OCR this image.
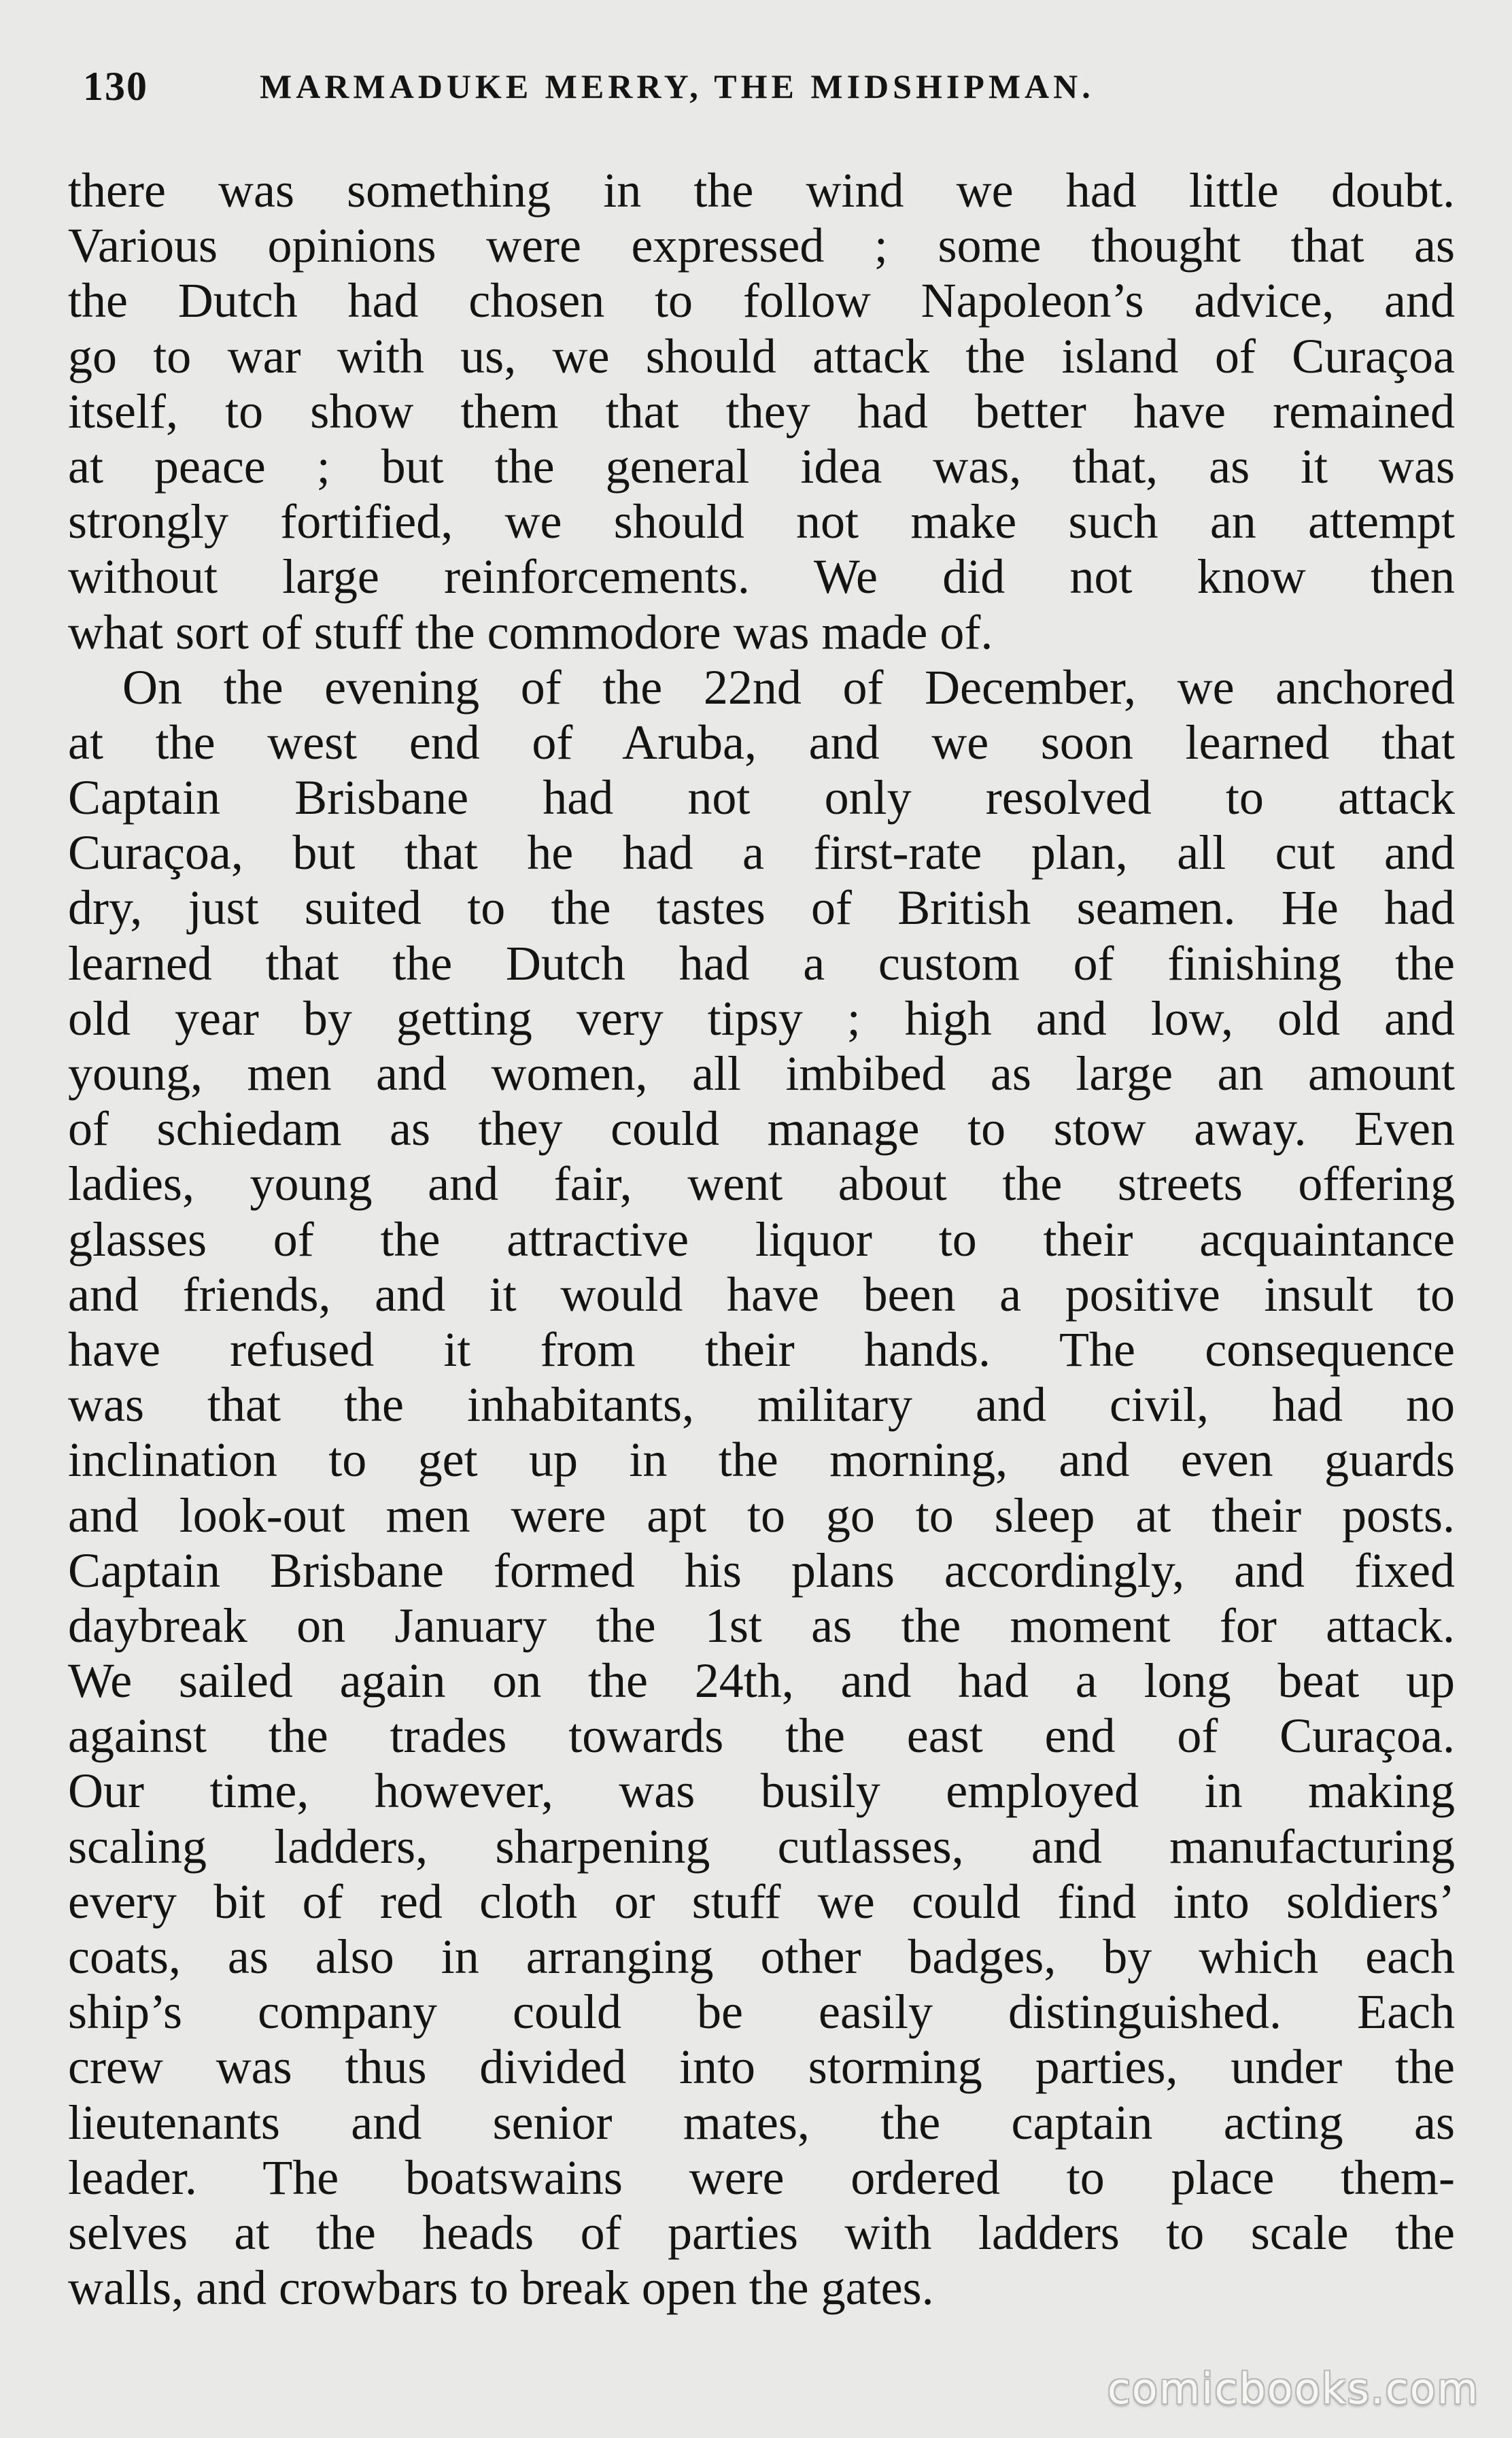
130	MARMADUKE MERRY, THE MIDSHIPMAN.
there was something in the wind we had little doubt.
Various opinions were expressed ; some thought that as
the Dutch had chosen to follow Napoleon’s advice, and
go to war with us, we should attack the island of Curaçoa
itself, to show them that they had better have remained
at peace ; but the general idea was, that, as it was
strongly fortified, we should not make such an attempt
without large reinforcements. We did not know then
what sort of stuff the commodore was made of.
On the evening of the 22nd of December, we anchored
at the west end of Aruba, and we soon learned that
Captain Brisbane had not only resolved to attack
Curaçoa, but that he had a first-rate plan, all cut and
dry, just suited to the tastes of British seamen. He had
learned that the Dutch had a custom of finishing the
old year by getting very tipsy ; high and low, old and
young, men and women, all imbibed as large an amount
of schiedam as they could manage to stow away. Even
ladies, young and fair, went about the streets offering
glasses of the attractive liquor to their acquaintance
and friends, and it would have been a positive insult to
have refused it from their hands. The consequence
was that the inhabitants, military and civil, had no
inclination to get up in the morning, and even guards
and look-out men were apt to go to sleep at their posts.
Captain Brisbane formed his plans accordingly, and fixed
daybreak on January the 1st as the moment for attack.
We sailed again on the 24th, and had a long beat up
against the trades towards the east end of Curaçoa.
Our time, however, was busily employed in making
scaling ladders, sharpening cutlasses, and manufacturing
every bit of red cloth or stuff we could find into soldiers’
coats, as also in arranging other badges, by which each
ship’s company could be easily distinguished. Each
crew was thus divided into storming parties, under the
lieutenants and senior mates, the captain acting as
leader. The boatswains were ordered to place them-
selves at the heads of parties with ladders to scale the
walls, and crowbars to break open the gates.
comicbooks.com
